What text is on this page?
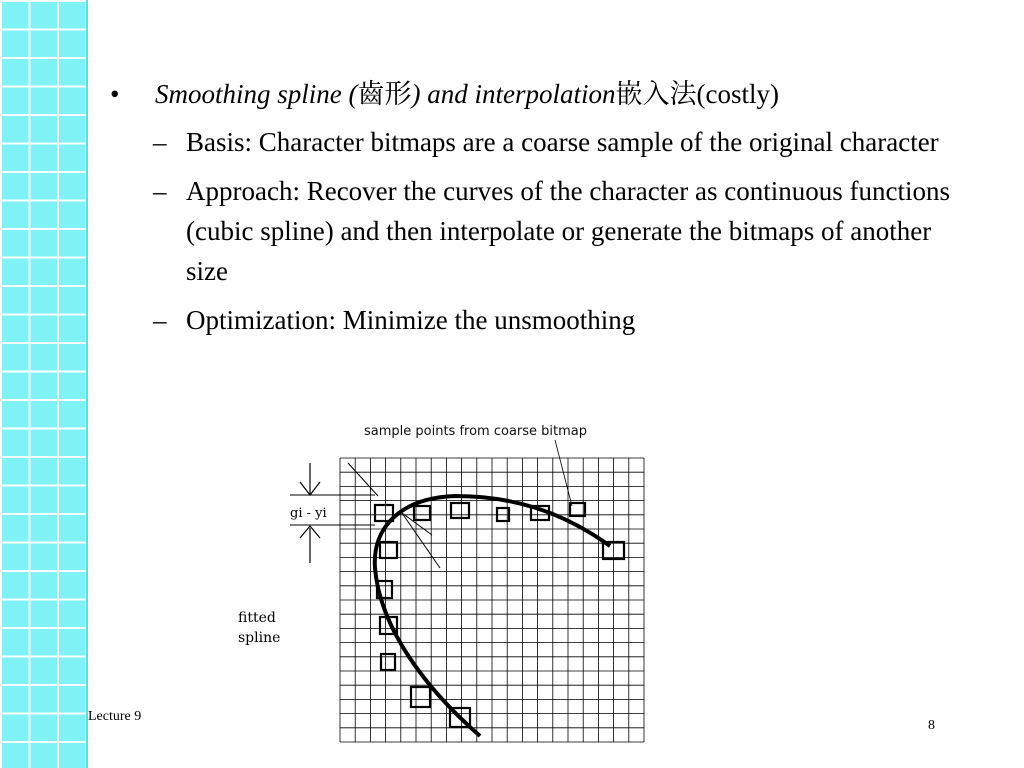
•	Smoothing spline (齒形) and interpolation嵌入法(costly)
– Basis: Character bitmaps are a coarse sample of the original character
– Approach: Recover the curves of the character as continuous functions (cubic spline) and then interpolate or generate the bitmaps of another size
– Optimization: Minimize the unsmoothing
sample points from coarse bitmap
gi - yi
fitted
spline
Lecture 9
8
